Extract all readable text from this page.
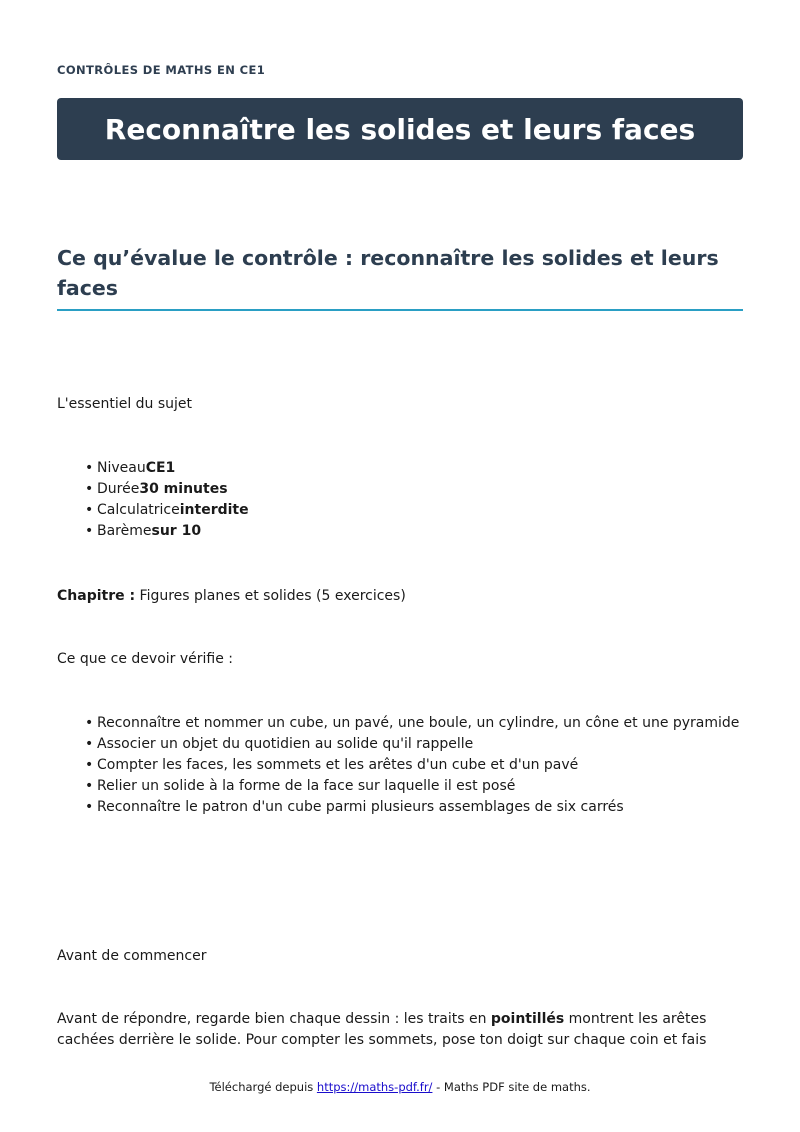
CONTRÔLES DE MATHS EN CE1
Reconnaître les solides et leurs faces
Ce qu’évalue le contrôle : reconnaître les solides et leurs faces

L'essentiel du sujet

• NiveauCE1
• Durée30 minutes
• Calculatriceinterdite
• Barèmesur 10

Chapitre : Figures planes et solides (5 exercices)

Ce que ce devoir vérifie :

• Reconnaître et nommer un cube, un pavé, une boule, un cylindre, un cône et une pyramide
• Associer un objet du quotidien au solide qu'il rappelle
• Compter les faces, les sommets et les arêtes d'un cube et d'un pavé
• Relier un solide à la forme de la face sur laquelle il est posé
• Reconnaître le patron d'un cube parmi plusieurs assemblages de six carrés

Avant de commencer

Avant de répondre, regarde bien chaque dessin : les traits en pointillés montrent les arêtes cachées derrière le solide. Pour compter les sommets, pose ton doigt sur chaque coin et fais

Téléchargé depuis https://maths-pdf.fr/ - Maths PDF site de maths.
